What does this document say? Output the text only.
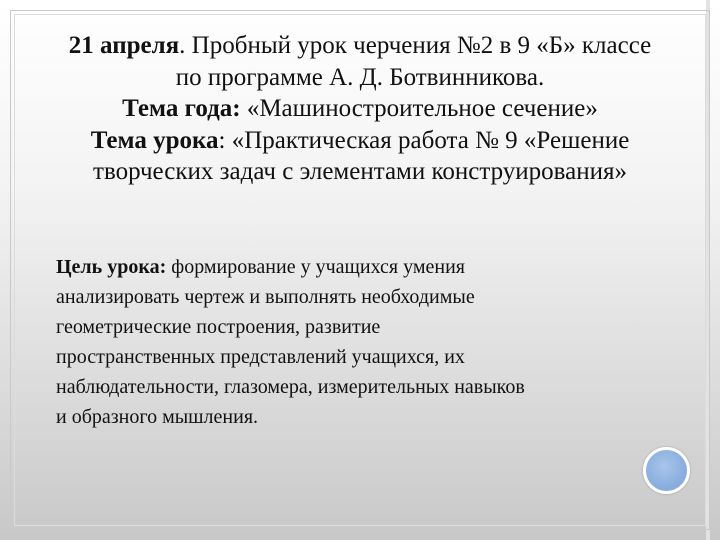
21 апреля. Пробный урок черчения №2 в 9 «Б» классе
по программе А. Д. Ботвинникова.
Тема года: «Машиностроительное сечение»
Тема урока: «Практическая работа № 9 «Решение
творческих задач с элементами конструирования»
Цель урока: формирование у учащихся умения
анализировать чертеж и выполнять необходимые
геометрические построения, развитие
пространственных представлений учащихся, их
наблюдательности, глазомера, измерительных навыков
и образного мышления.
